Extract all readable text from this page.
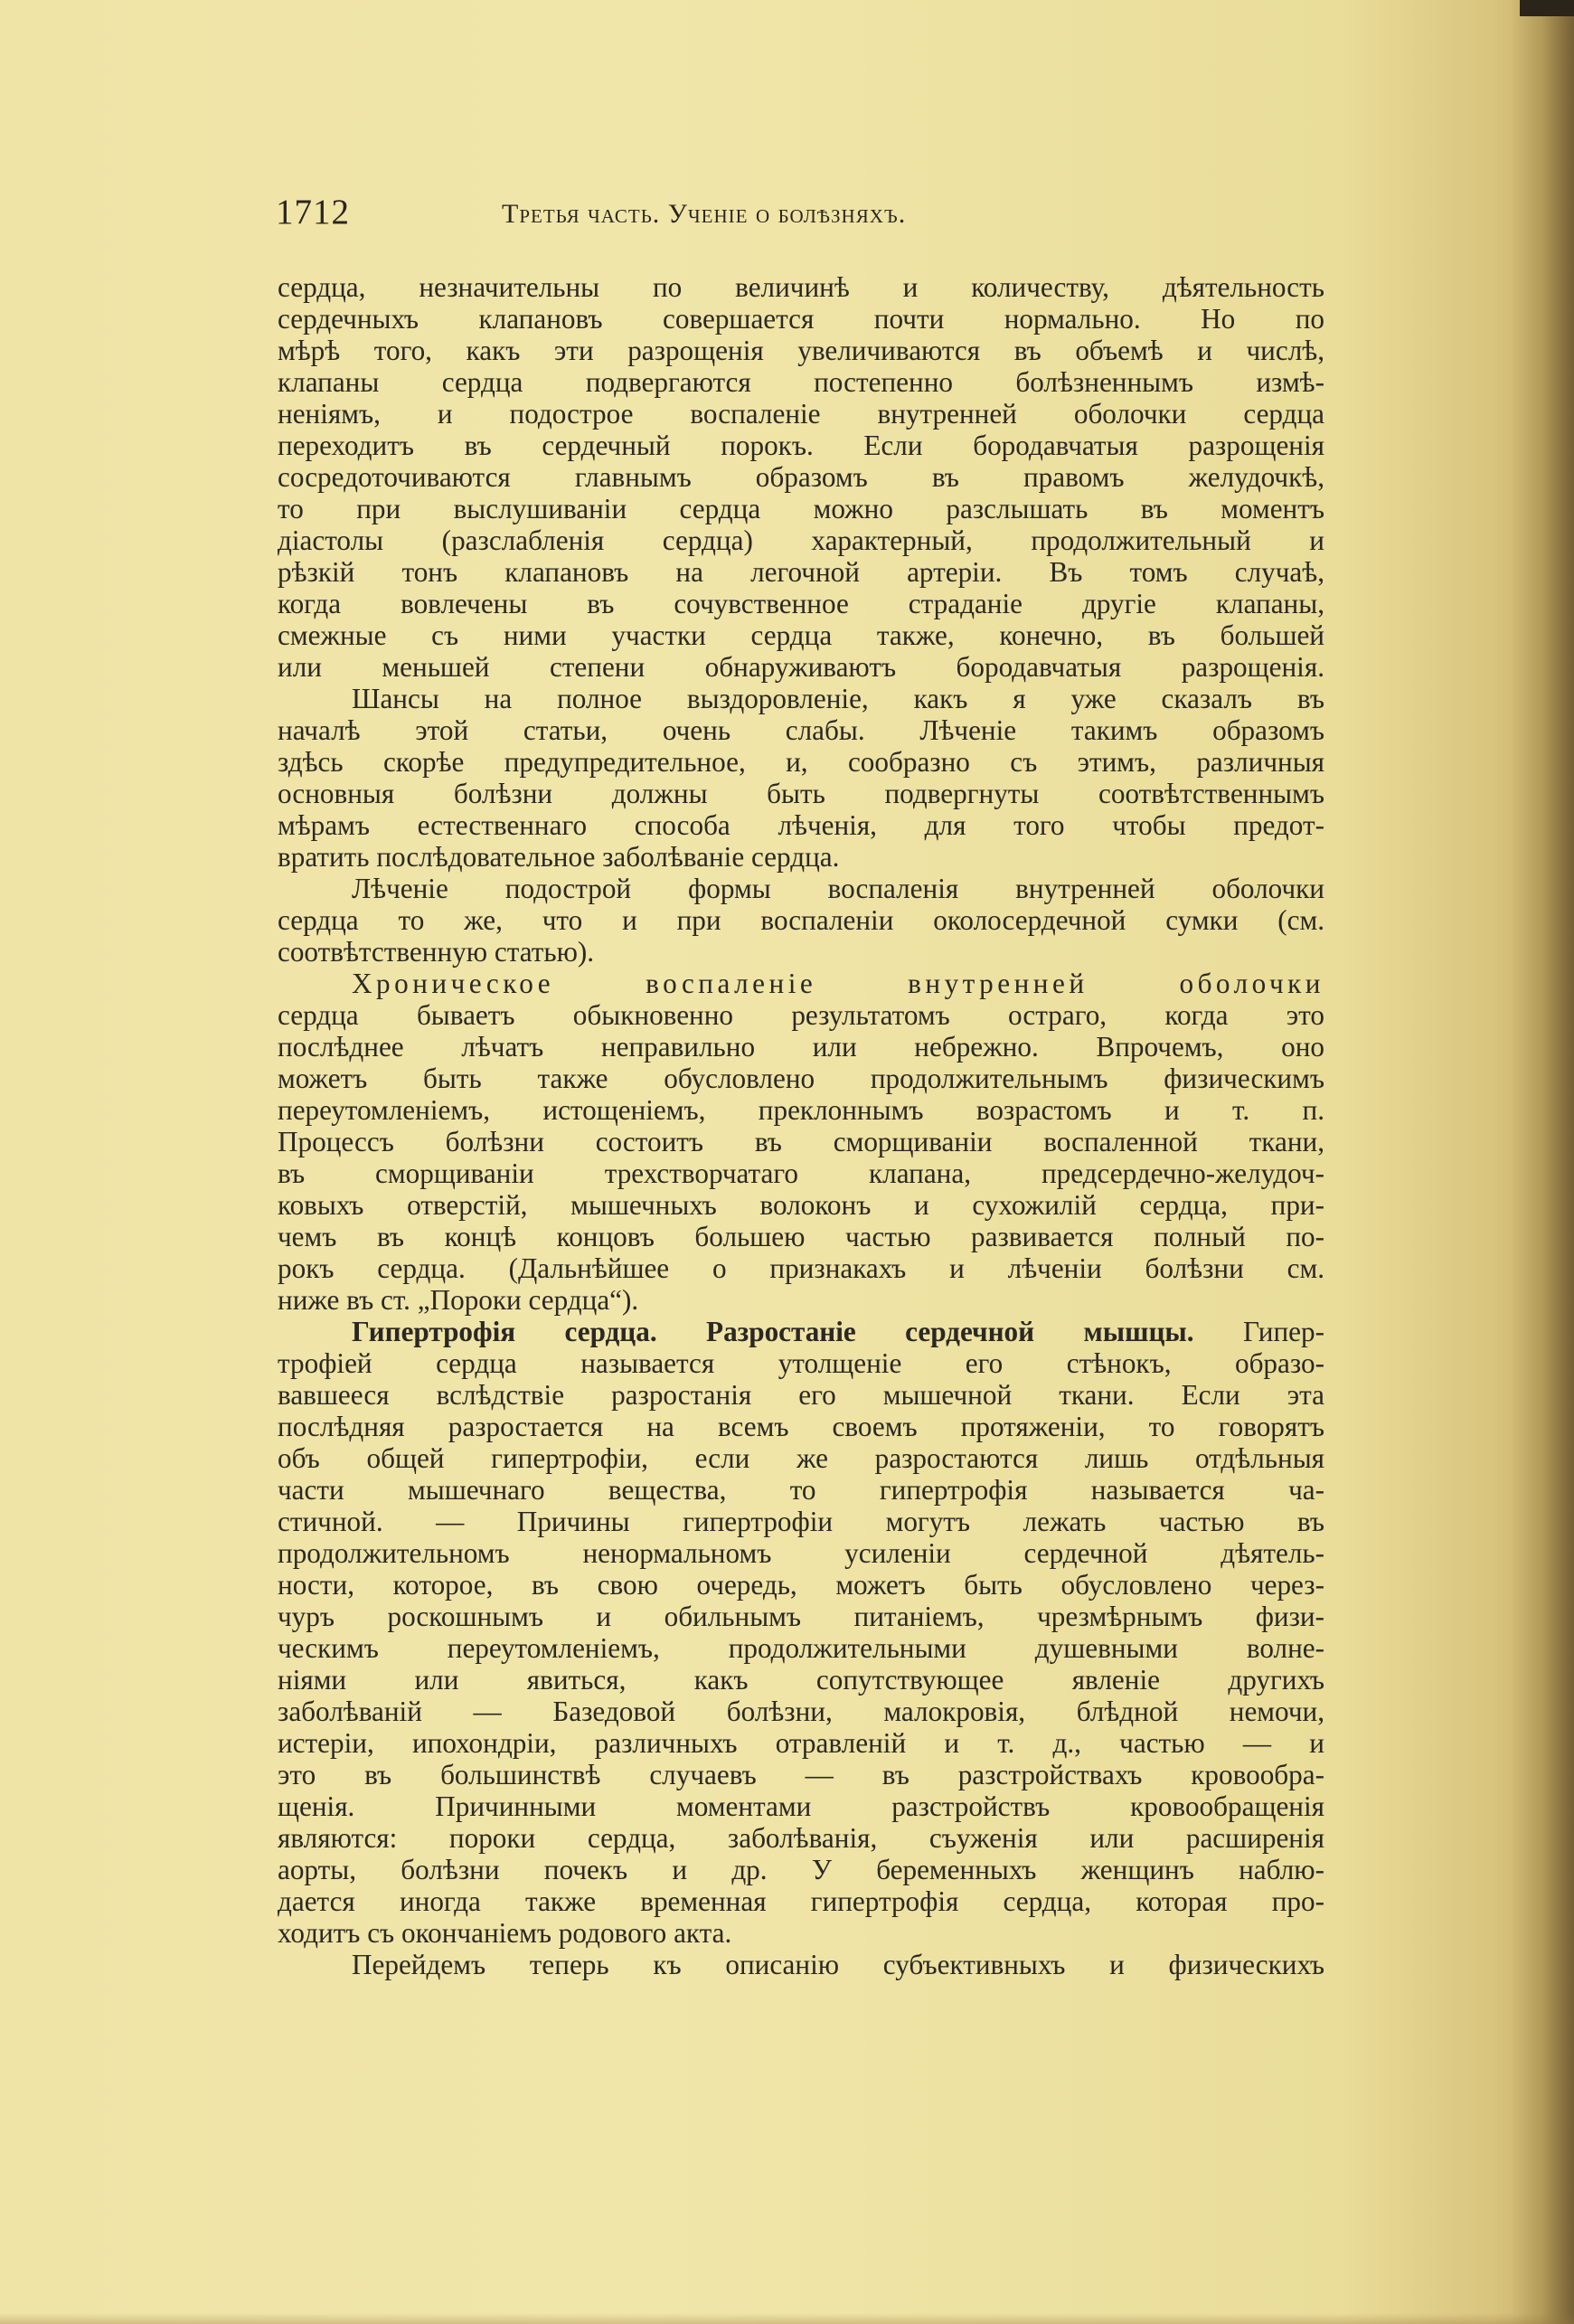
1712	Третья часть. Ученіе о болѣзняхъ.
сердца, незначительны по величинѣ и количеству, дѣятельность
сердечныхъ клапановъ совершается почти нормально. Но по
мѣрѣ того, какъ эти разрощенія увеличиваются въ объемѣ и числѣ,
клапаны сердца подвергаются постепенно болѣзненнымъ измѣ-
неніямъ, и подострое воспаленіе внутренней оболочки сердца
переходитъ въ сердечный порокъ. Если бородавчатыя разрощенія
сосредоточиваются главнымъ образомъ въ правомъ желудочкѣ,
то при выслушиваніи сердца можно разслышать въ моментъ
діастолы (разслабленія сердца) характерный, продолжительный и
рѣзкій тонъ клапановъ на легочной артеріи. Въ томъ случаѣ,
когда вовлечены въ сочувственное страданіе другіе клапаны,
смежные съ ними участки сердца также, конечно, въ большей
или меньшей степени обнаруживаютъ бородавчатыя разрощенія.
Шансы на полное выздоровленіе, какъ я уже сказалъ въ
началѣ этой статьи, очень слабы. Лѣченіе такимъ образомъ
здѣсь скорѣе предупредительное, и, сообразно съ этимъ, различныя
основныя болѣзни должны быть подвергнуты соотвѣтственнымъ
мѣрамъ естественнаго способа лѣченія, для того чтобы предот-
вратить послѣдовательное заболѣваніе сердца.
Лѣченіе подострой формы воспаленія внутренней оболочки
сердца то же, что и при воспаленіи околосердечной сумки (см.
соотвѣтственную статью).
Хроническое воспаленіе внутренней оболочки
сердца бываетъ обыкновенно результатомъ остраго, когда это
послѣднее лѣчатъ неправильно или небрежно. Впрочемъ, оно
можетъ быть также обусловлено продолжительнымъ физическимъ
переутомленіемъ, истощеніемъ, преклоннымъ возрастомъ и т. п.
Процессъ болѣзни состоитъ въ сморщиваніи воспаленной ткани,
въ сморщиваніи трехстворчатаго клапана, предсердечно-желудоч-
ковыхъ отверстій, мышечныхъ волоконъ и сухожилій сердца, при-
чемъ въ концѣ концовъ большею частью развивается полный по-
рокъ сердца. (Дальнѣйшее о признакахъ и лѣченіи болѣзни см.
ниже въ ст. „Пороки сердца“).
Гипертрофія сердца. Разростаніе сердечной мышцы. Гипер-
трофіей сердца называется утолщеніе его стѣнокъ, образо-
вавшееся вслѣдствіе разростанія его мышечной ткани. Если эта
послѣдняя разростается на всемъ своемъ протяженіи, то говорятъ
объ общей гипертрофіи, если же разростаются лишь отдѣльныя
части мышечнаго вещества, то гипертрофія называется ча-
стичной. — Причины гипертрофіи могутъ лежать частью въ
продолжительномъ ненормальномъ усиленіи сердечной дѣятель-
ности, которое, въ свою очередь, можетъ быть обусловлено через-
чуръ роскошнымъ и обильнымъ питаніемъ, чрезмѣрнымъ физи-
ческимъ переутомленіемъ, продолжительными душевными волне-
ніями или явиться, какъ сопутствующее явленіе другихъ
заболѣваній — Базедовой болѣзни, малокровія, блѣдной немочи,
истеріи, ипохондріи, различныхъ отравленій и т. д., частью — и
это въ большинствѣ случаевъ — въ разстройствахъ кровообра-
щенія. Причинными моментами разстройствъ кровообращенія
являются: пороки сердца, заболѣванія, съуженія или расширенія
аорты, болѣзни почекъ и др. У беременныхъ женщинъ наблю-
дается иногда также временная гипертрофія сердца, которая про-
ходитъ съ окончаніемъ родового акта.
Перейдемъ теперь къ описанію субъективныхъ и физическихъ
